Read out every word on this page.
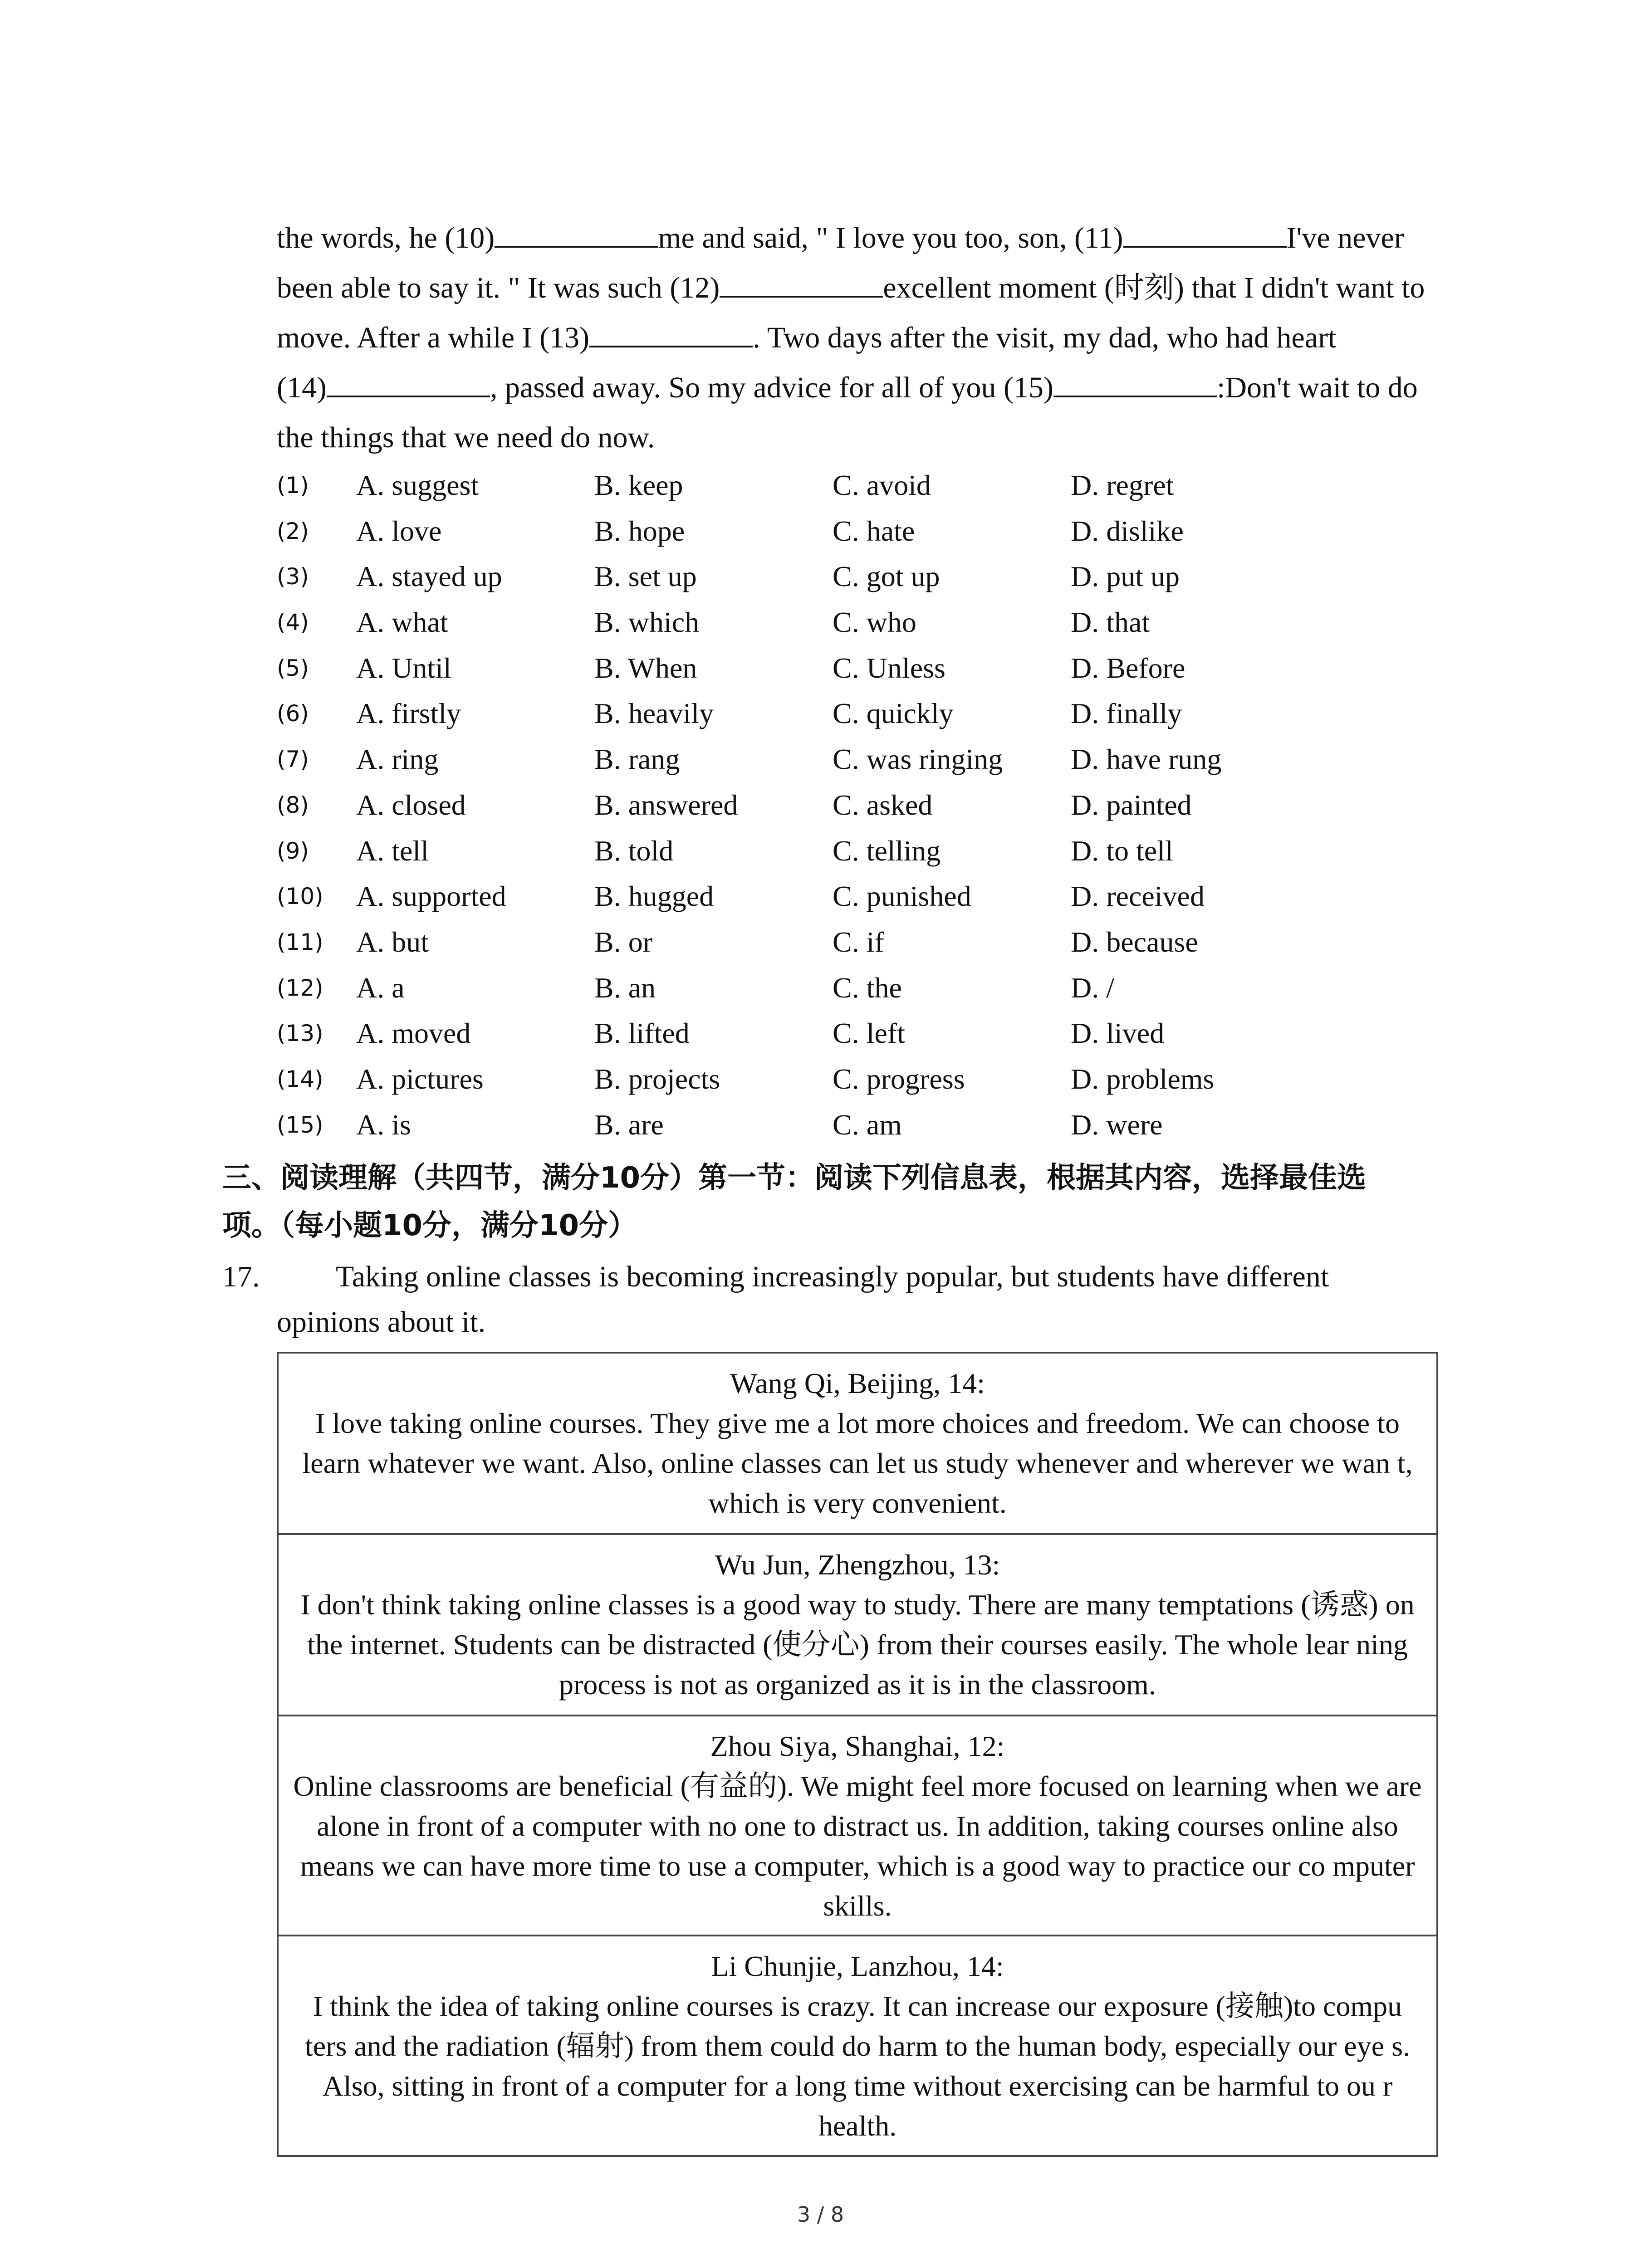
the words, he (10)	me and said, " I love you too, son, (11)	I've never
been able to say it. " It was such (12)	excellent moment (时刻) that I didn't want to
move. After a while I (13)	. Two days after the visit, my dad, who had heart
(14)	, passed away. So my advice for all of you (15)	:Don't wait to do
the things that we need do now.
(1) A. suggest	B. keep	C. avoid	D. regret
(2) A. love	B. hope	C. hate	D. dislike
(3) A. stayed up	B. set up	C. got up	D. put up
(4) A. what	B. which	C. who	D. that
(5) A. Until	B. When	C. Unless	D. Before
(6) A. firstly	B. heavily	C. quickly	D. finally
(7) A. ring	B. rang	C. was ringing D. have rung
(8) A. closed	B. answered	C. asked	D. painted
(9) A. tell	B. told	C. telling	D. to tell
(10) A. supported	B. hugged	C. punished	D. received
(11) A. but	B. or	C. if	D. because
(12) A. a	B. an	C. the	D. /
(13) A. moved	B. lifted	C. left	D. lived
(14) A. pictures	B. projects	C. progress	D. problems
(15) A. is	B. are	C. am	D. were
三、阅读理解（共四节，满分10分）第一节：阅读下列信息表，根据其内容，选择最佳选
项。（每小题10分，满分10分）
17.	Taking online classes is becoming increasingly popular, but students have different
opinions about it.
Wang Qi, Beijing, 14:
I love taking online courses. They give me a lot more choices and freedom. We can choose to learn whatever we want. Also, online classes can let us study whenever and wherever we wan t, which is very convenient.
Wu Jun, Zhengzhou, 13:
I don't think taking online classes is a good way to study. There are many temptations (诱惑) on the internet. Students can be distracted (使分心) from their courses easily. The whole lear ning process is not as organized as it is in the classroom.
Zhou Siya, Shanghai, 12:
Online classrooms are beneficial (有益的). We might feel more focused on learning when we are alone in front of a computer with no one to distract us. In addition, taking courses online also means we can have more time to use a computer, which is a good way to practice our co mputer skills.
Li Chunjie, Lanzhou, 14:
I think the idea of taking online courses is crazy. It can increase our exposure (接触)to compu ters and the radiation (辐射) from them could do harm to the human body, especially our eye s. Also, sitting in front of a computer for a long time without exercising can be harmful to ou r health.
3 / 8
